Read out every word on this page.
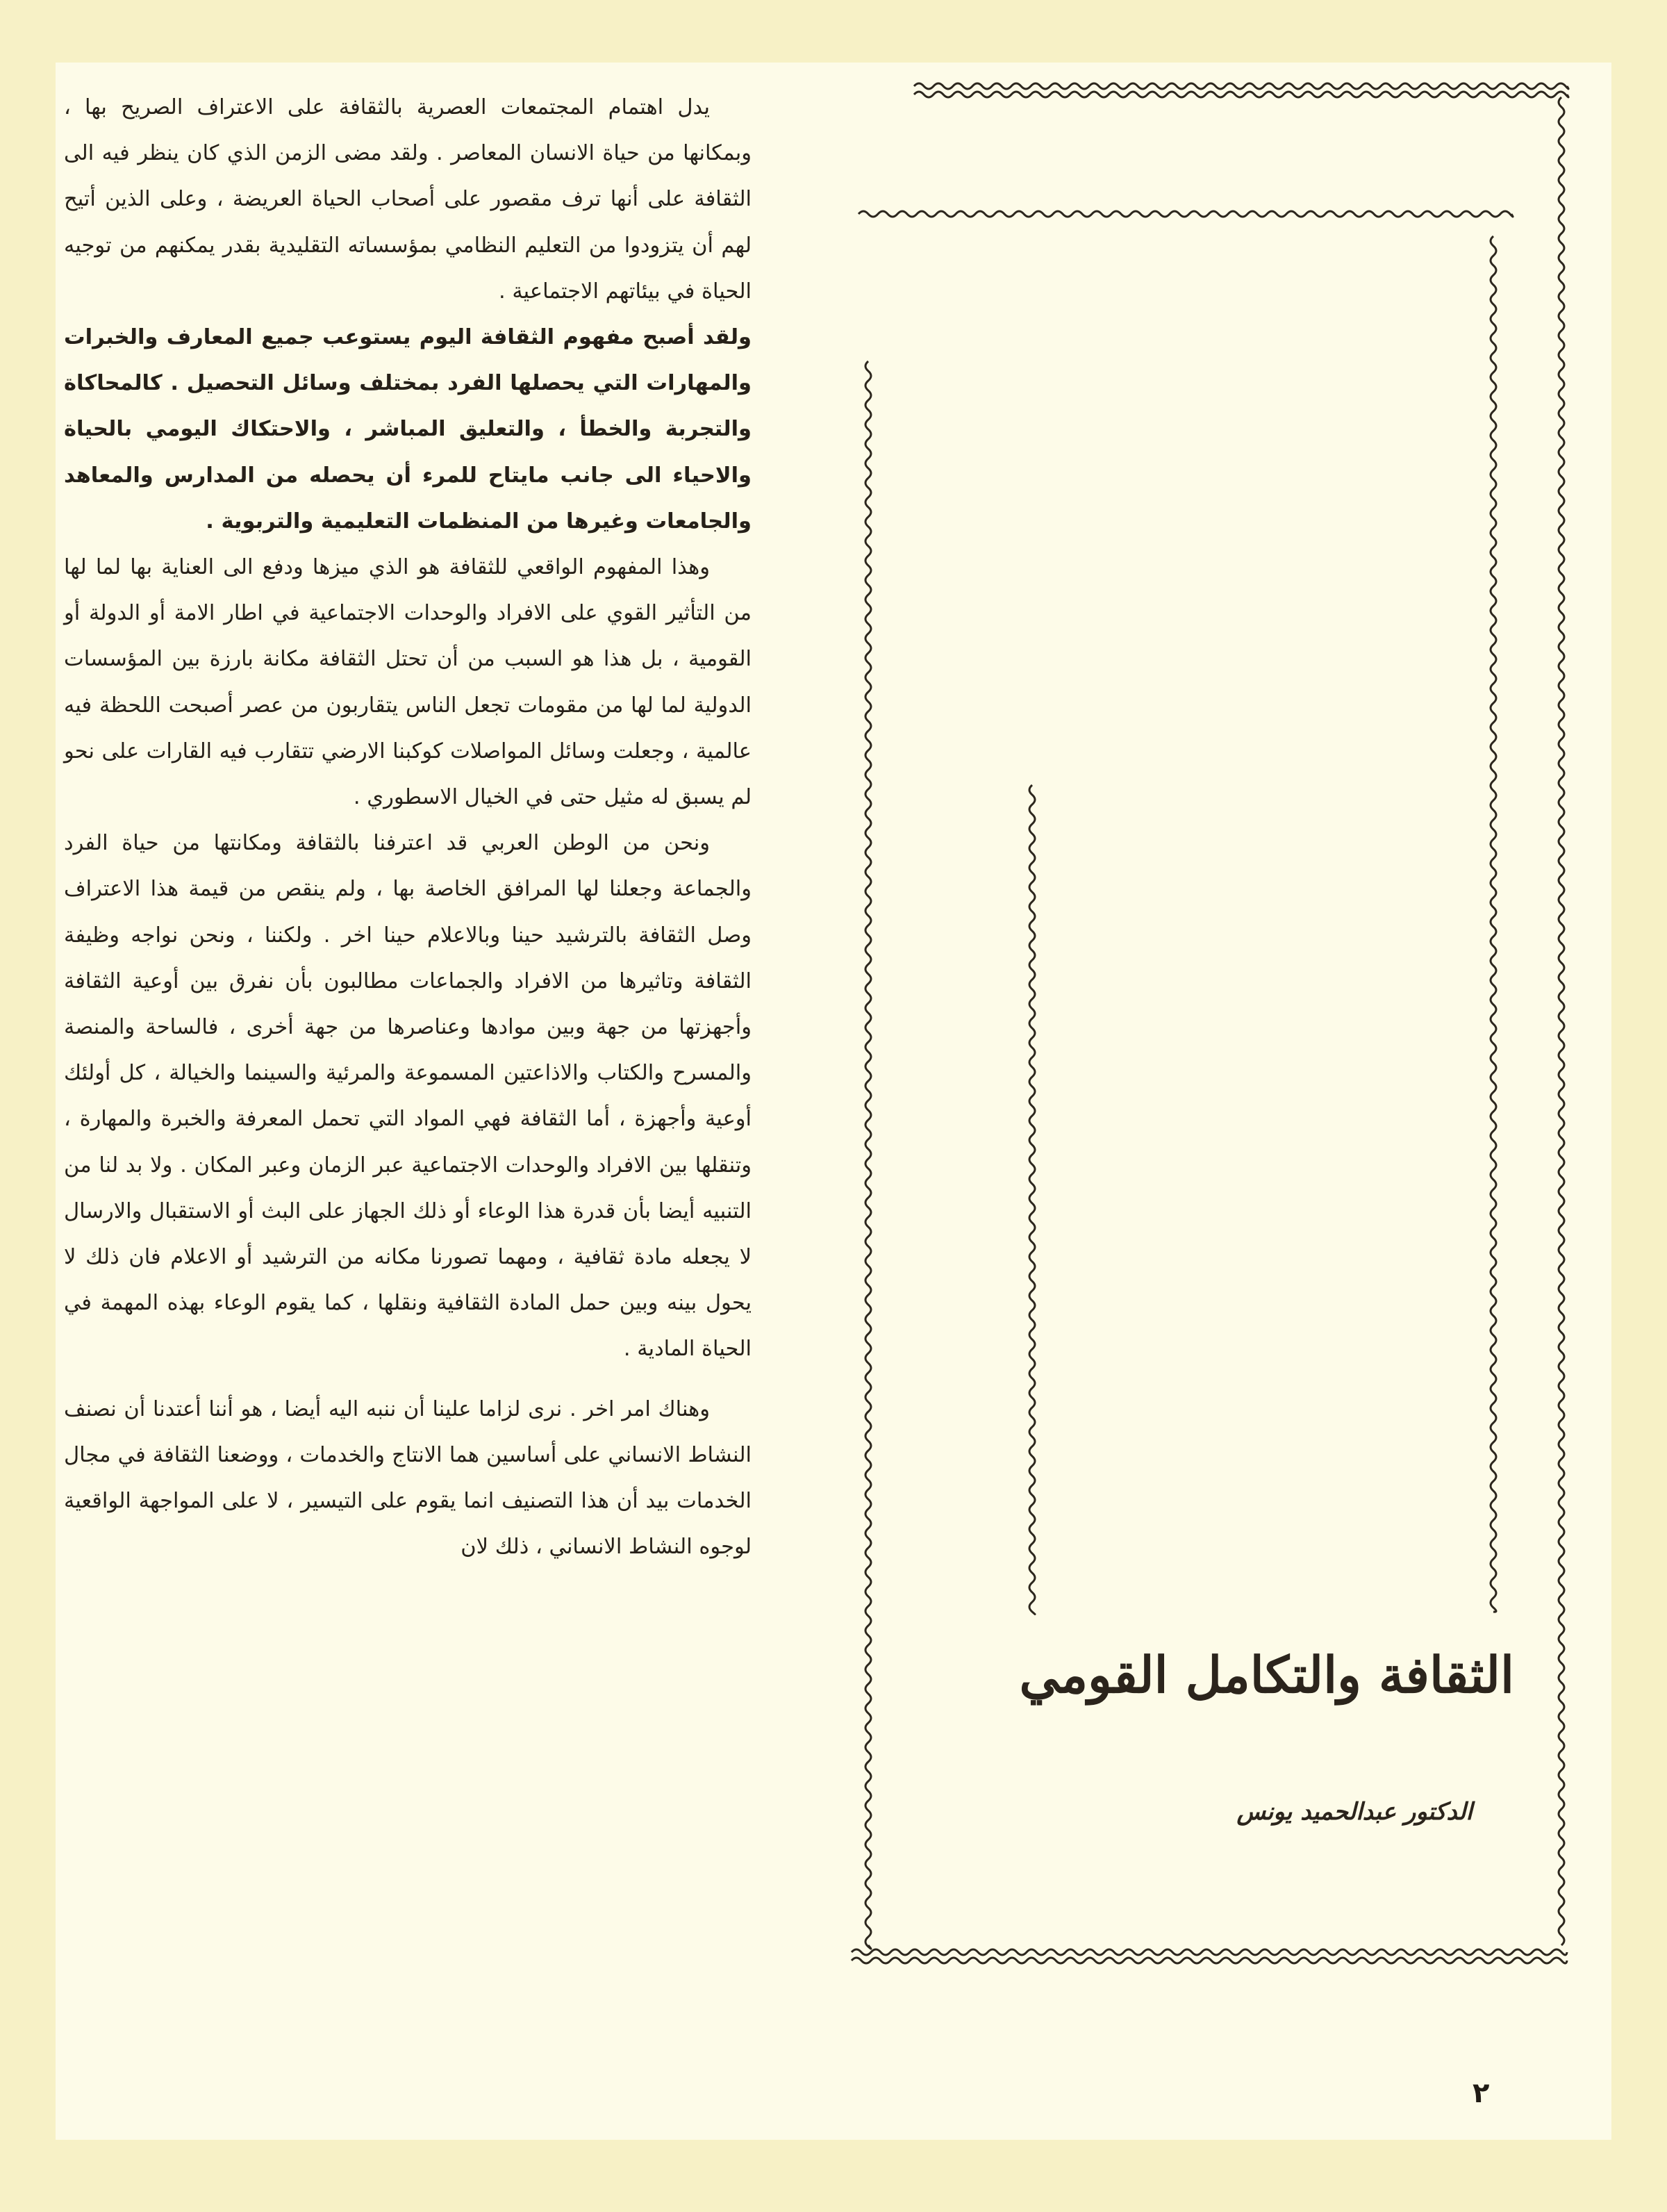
يدل اهتمام المجتمعات العصرية بالثقافة على الاعتراف الصريح بها ، وبمكانها من حياة الانسان المعاصر . ولقد مضى الزمن الذي كان ينظر فيه الى الثقافة على أنها ترف مقصور على أصحاب الحياة العريضة ، وعلى الذين أتيح لهم أن يتزودوا من التعليم النظامي بمؤسساته التقليدية بقدر يمكنهم من توجيه الحياة في بيئاتهم الاجتماعية .

ولقد أصبح مفهوم الثقافة اليوم يستوعب جميع المعارف والخبرات والمهارات التي يحصلها الفرد بمختلف وسائل التحصيل . كالمحاكاة والتجربة والخطأ ، والتعليق المباشر ، والاحتكاك اليومي بالحياة والاحياء الى جانب مايتاح للمرء أن يحصله من المدارس والمعاهد والجامعات وغيرها من المنظمات التعليمية والتربوية .

وهذا المفهوم الواقعي للثقافة هو الذي ميزها ودفع الى العناية بها لما لها من التأثير القوي على الافراد والوحدات الاجتماعية في اطار الامة أو الدولة أو القومية ، بل هذا هو السبب من أن تحتل الثقافة مكانة بارزة بين المؤسسات الدولية لما لها من مقومات تجعل الناس يتقاربون من عصر أصبحت اللحظة فيه عالمية ، وجعلت وسائل المواصلات كوكبنا الارضي تتقارب فيه القارات على نحو لم يسبق له مثيل حتى في الخيال الاسطوري .

ونحن من الوطن العربي قد اعترفنا بالثقافة ومكانتها من حياة الفرد والجماعة وجعلنا لها المرافق الخاصة بها ، ولم ينقص من قيمة هذا الاعتراف وصل الثقافة بالترشيد حينا وبالاعلام حينا اخر . ولكننا ، ونحن نواجه وظيفة الثقافة وتاثيرها من الافراد والجماعات مطالبون بأن نفرق بين أوعية الثقافة وأجهزتها من جهة وبين موادها وعناصرها من جهة أخرى ، فالساحة والمنصة والمسرح والكتاب والاذاعتين المسموعة والمرئية والسينما والخيالة ، كل أولئك أوعية وأجهزة ، أما الثقافة فهي المواد التي تحمل المعرفة والخبرة والمهارة ، وتنقلها بين الافراد والوحدات الاجتماعية عبر الزمان وعبر المكان . ولا بد لنا من التنبيه أيضا بأن قدرة هذا الوعاء أو ذلك الجهاز على البث أو الاستقبال والارسال لا يجعله مادة ثقافية ، ومهما تصورنا مكانه من الترشيد أو الاعلام فان ذلك لا يحول بينه وبين حمل المادة الثقافية ونقلها ، كما يقوم الوعاء بهذه المهمة في الحياة المادية .

وهناك امر اخر . نرى لزاما علينا أن ننبه اليه أيضا ، هو أننا أعتدنا أن نصنف النشاط الانساني على أساسين هما الانتاج والخدمات ، ووضعنا الثقافة في مجال الخدمات بيد أن هذا التصنيف انما يقوم على التيسير ، لا على المواجهة الواقعية لوجوه النشاط الانساني ، ذلك لان

الثقافة والتكامل القومي
الدكتور عبدالحميد يونس
٢
